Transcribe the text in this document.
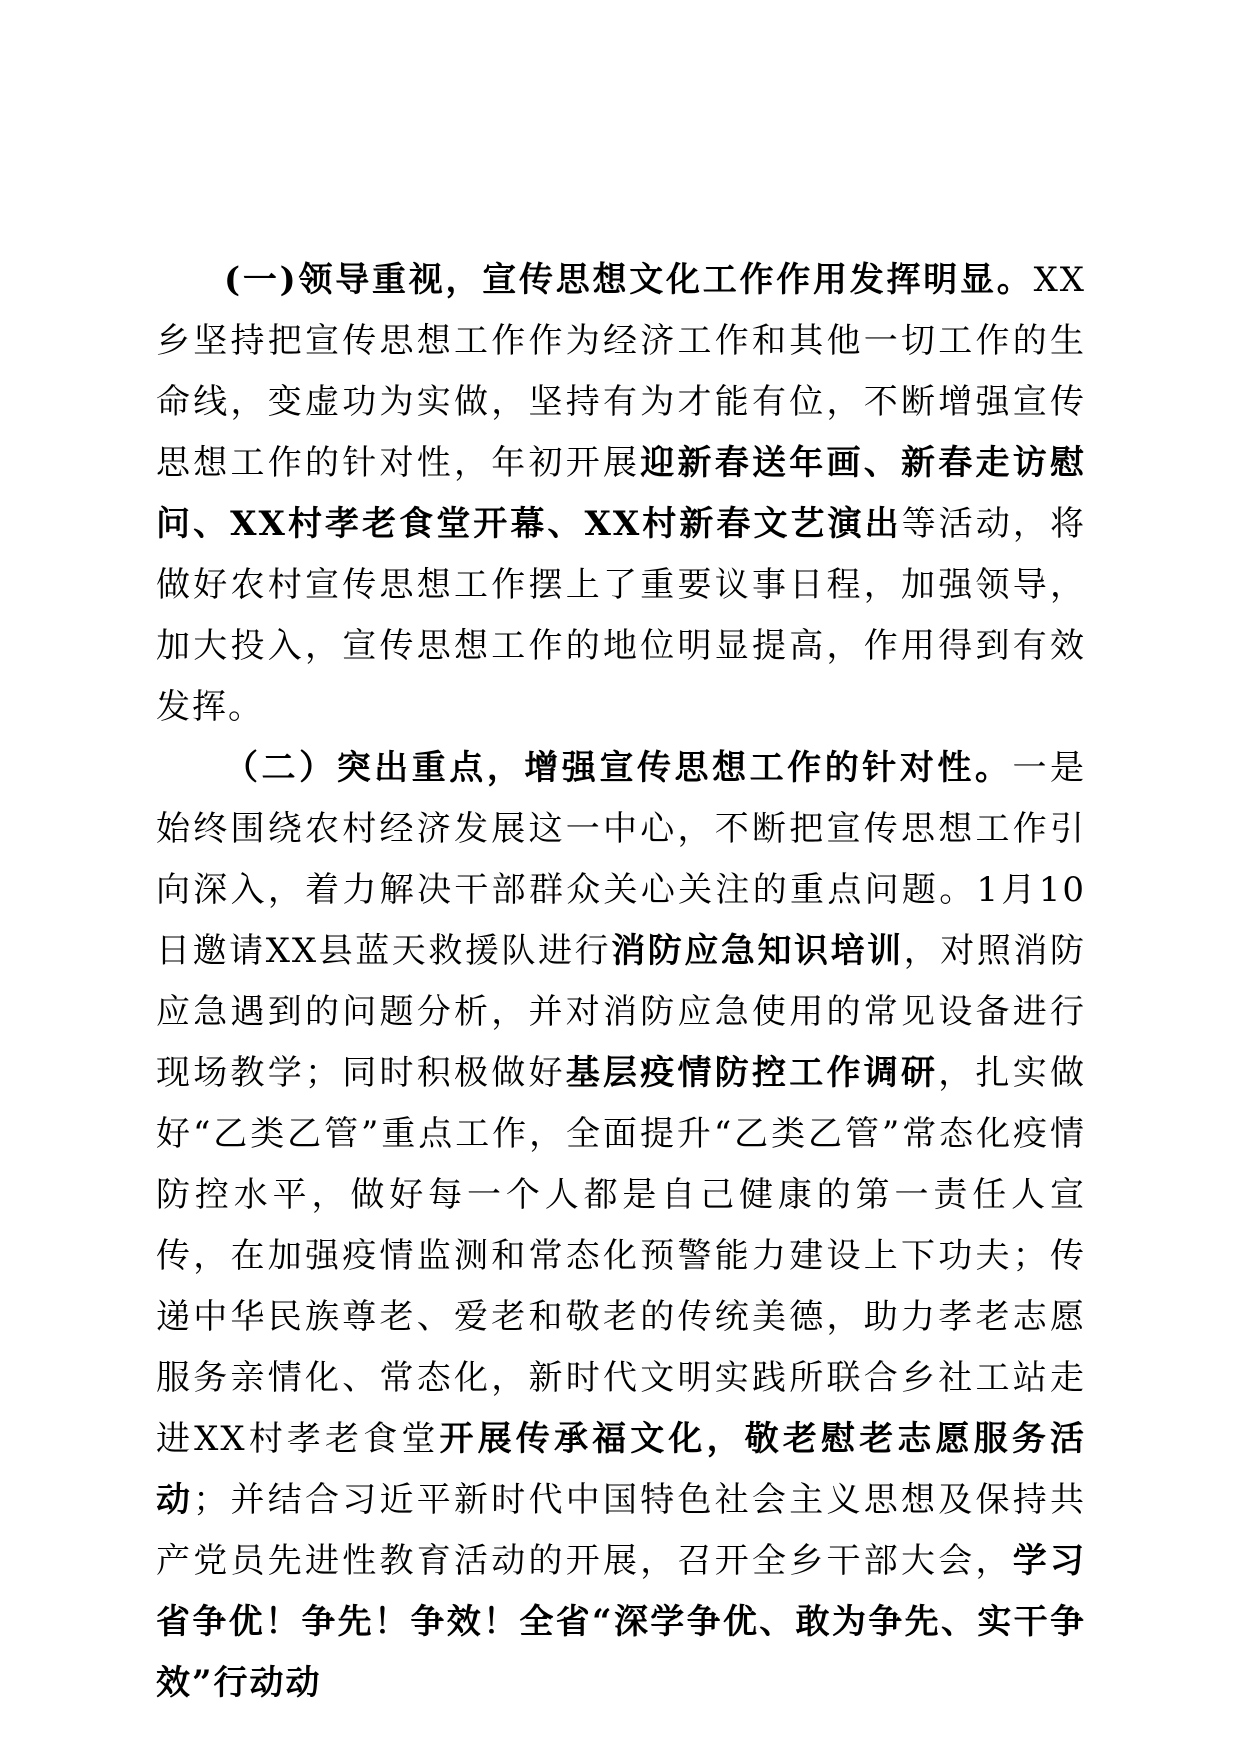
(一)领导重视，宣传思想文化工作作用发挥明显。XX乡坚持把宣传思想工作作为经济工作和其他一切工作的生命线，变虚功为实做，坚持有为才能有位，不断增强宣传思想工作的针对性，年初开展迎新春送年画、新春走访慰问、XX村孝老食堂开幕、XX村新春文艺演出等活动，将做好农村宣传思想工作摆上了重要议事日程，加强领导，加大投入，宣传思想工作的地位明显提高，作用得到有效发挥。

（二）突出重点，增强宣传思想工作的针对性。一是始终围绕农村经济发展这一中心，不断把宣传思想工作引向深入，着力解决干部群众关心关注的重点问题。1月10日邀请XX县蓝天救援队进行消防应急知识培训，对照消防应急遇到的问题分析，并对消防应急使用的常见设备进行现场教学；同时积极做好基层疫情防控工作调研，扎实做好“乙类乙管”重点工作，全面提升“乙类乙管”常态化疫情防控水平，做好每一个人都是自己健康的第一责任人宣传，在加强疫情监测和常态化预警能力建设上下功夫；传递中华民族尊老、爱老和敬老的传统美德，助力孝老志愿服务亲情化、常态化，新时代文明实践所联合乡社工站走进XX村孝老食堂开展传承福文化，敬老慰老志愿服务活动；并结合习近平新时代中国特色社会主义思想及保持共产党员先进性教育活动的开展，召开全乡干部大会，学习省争优！争先！争效！全省“深学争优、敢为争先、实干争效”行动动
